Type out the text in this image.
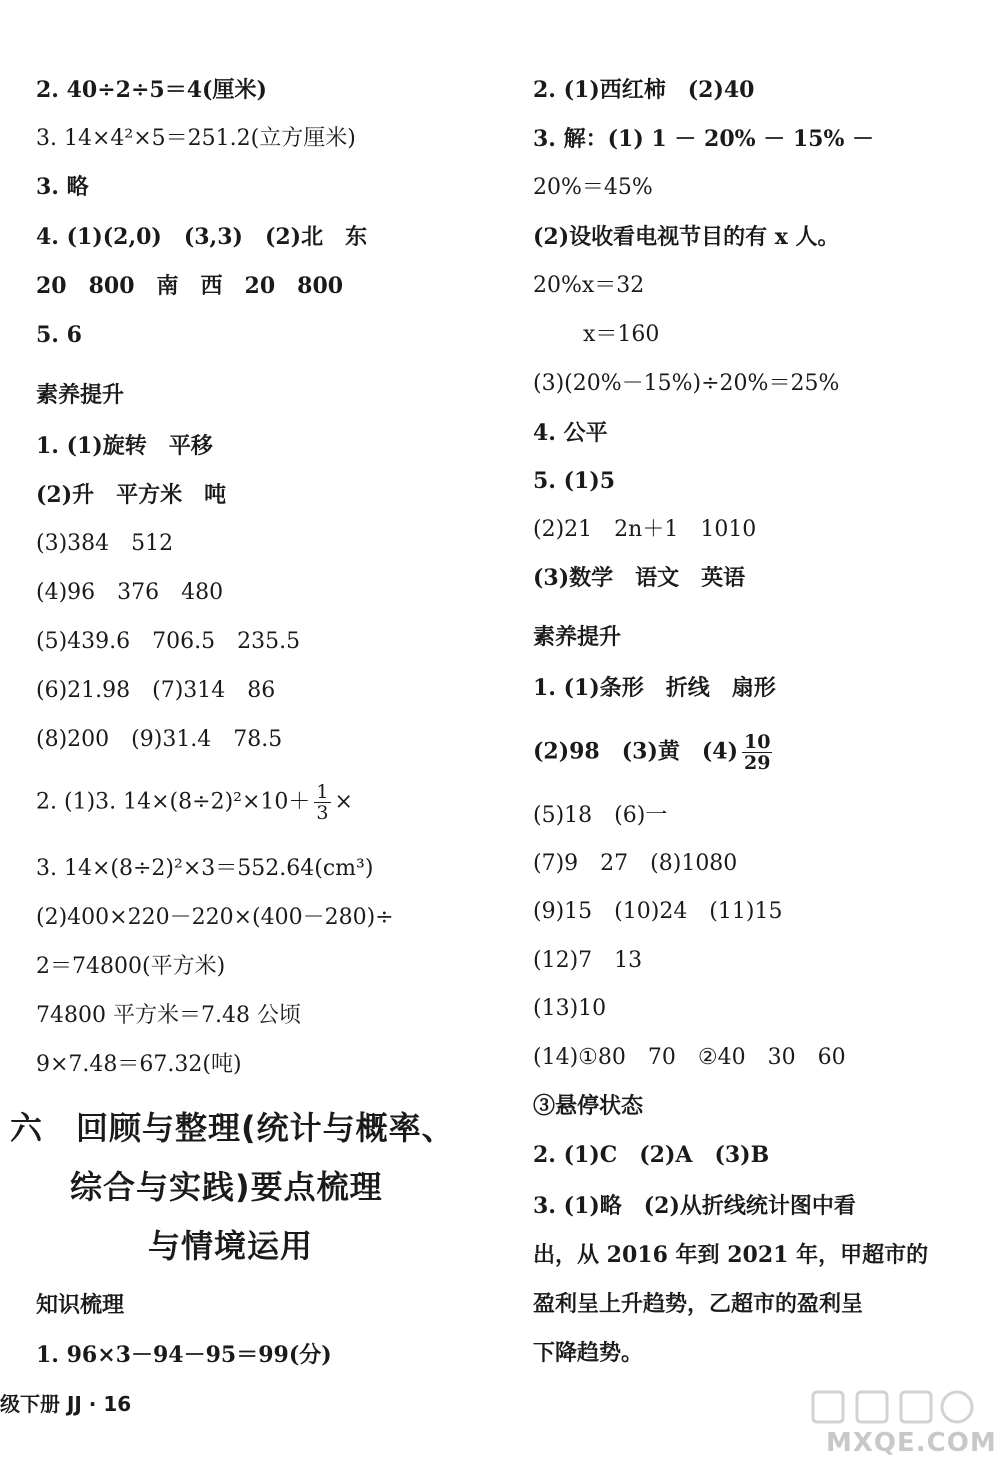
2. 40÷2÷5＝4(厘米)
3. 14×4²×5＝251.2(立方厘米)
3. 略
4. (1)(2,0)　(3,3)　(2)北　东
20　800　南　西　20　800
5. 6
素养提升
1. (1)旋转　平移
(2)升　平方米　吨
(3)384　512
(4)96　376　480
(5)439.6　706.5　235.5
(6)21.98　(7)314　86
(8)200　(9)31.4　78.5
2. (1)3. $14\times(8\div 2)^2\times 10+ \frac{1}{3}$ ×
3. 14×(8÷2)²×3＝552.64(cm³)
(2)400×220－220×(400－280)÷
2＝74800(平方米)
74800 平方米＝7.48 公顷
9×7.48＝67.32(吨)
六　回顾与整理(统计与概率、
综合与实践)要点梳理
与情境运用
知识梳理
1. 96×3－94－95＝99(分)
级下册 JJ · 16
2. (1)西红柿　(2)40
3. 解：(1) 1 － 20% － 15% －
20%＝45%
(2)设收看电视节目的有 x 人。
20%x＝32
x＝160
(3)(20%－15%)÷20%＝25%
4. 公平
5. (1)5
(2)21　2n＋1　1010
(3)数学　语文　英语
素养提升
1. (1)条形　折线　扇形
(2)98　(3)黄　$(4) \frac{10}{29}$
(5)18　(6)一
(7)9　27　(8)1080
(9)15　(10)24　(11)15
(12)7　13
(13)10
(14)①80　70　②40　30　60
③悬停状态
2. (1)C　(2)A　(3)B
3. (1)略　(2)从折线统计图中看
出，从 2016 年到 2021 年，甲超市的
盈利呈上升趋势，乙超市的盈利呈
下降趋势。
MXQE.COM
